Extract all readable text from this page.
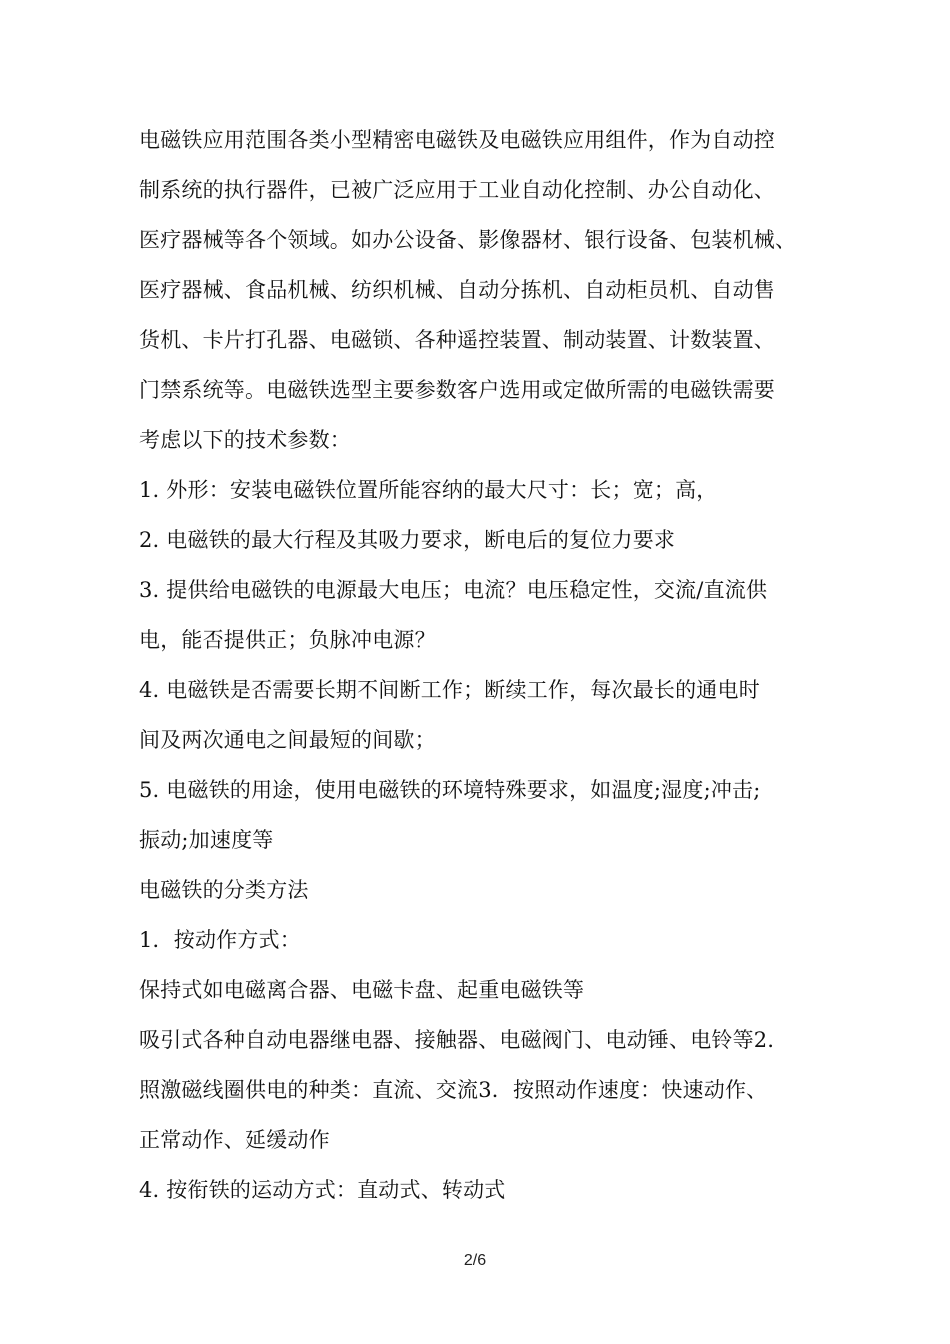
电磁铁应用范围各类小型精密电磁铁及电磁铁应用组件，作为自动控
制系统的执行器件，已被广泛应用于工业自动化控制、办公自动化、
医疗器械等各个领域。如办公设备、影像器材、银行设备、包装机械、
医疗器械、食品机械、纺织机械、自动分拣机、自动柜员机、自动售
货机、卡片打孔器、电磁锁、各种遥控装置、制动装置、计数装置、
门禁系统等。电磁铁选型主要参数客户选用或定做所需的电磁铁需要
考虑以下的技术参数：
1. 外形：安装电磁铁位置所能容纳的最大尺寸：长；宽；高，
2. 电磁铁的最大行程及其吸力要求，断电后的复位力要求
3. 提供给电磁铁的电源最大电压；电流？电压稳定性，交流/直流供
电，能否提供正；负脉冲电源？
4. 电磁铁是否需要长期不间断工作；断续工作，每次最长的通电时
间及两次通电之间最短的间歇；
5. 电磁铁的用途，使用电磁铁的环境特殊要求，如温度;湿度;冲击;
振动;加速度等
电磁铁的分类方法
1．按动作方式：
保持式如电磁离合器、电磁卡盘、起重电磁铁等
吸引式各种自动电器继电器、接触器、电磁阀门、电动锤、电铃等2．
照激磁线圈供电的种类：直流、交流3．按照动作速度：快速动作、
正常动作、延缓动作
4. 按衔铁的运动方式：直动式、转动式
2/6
